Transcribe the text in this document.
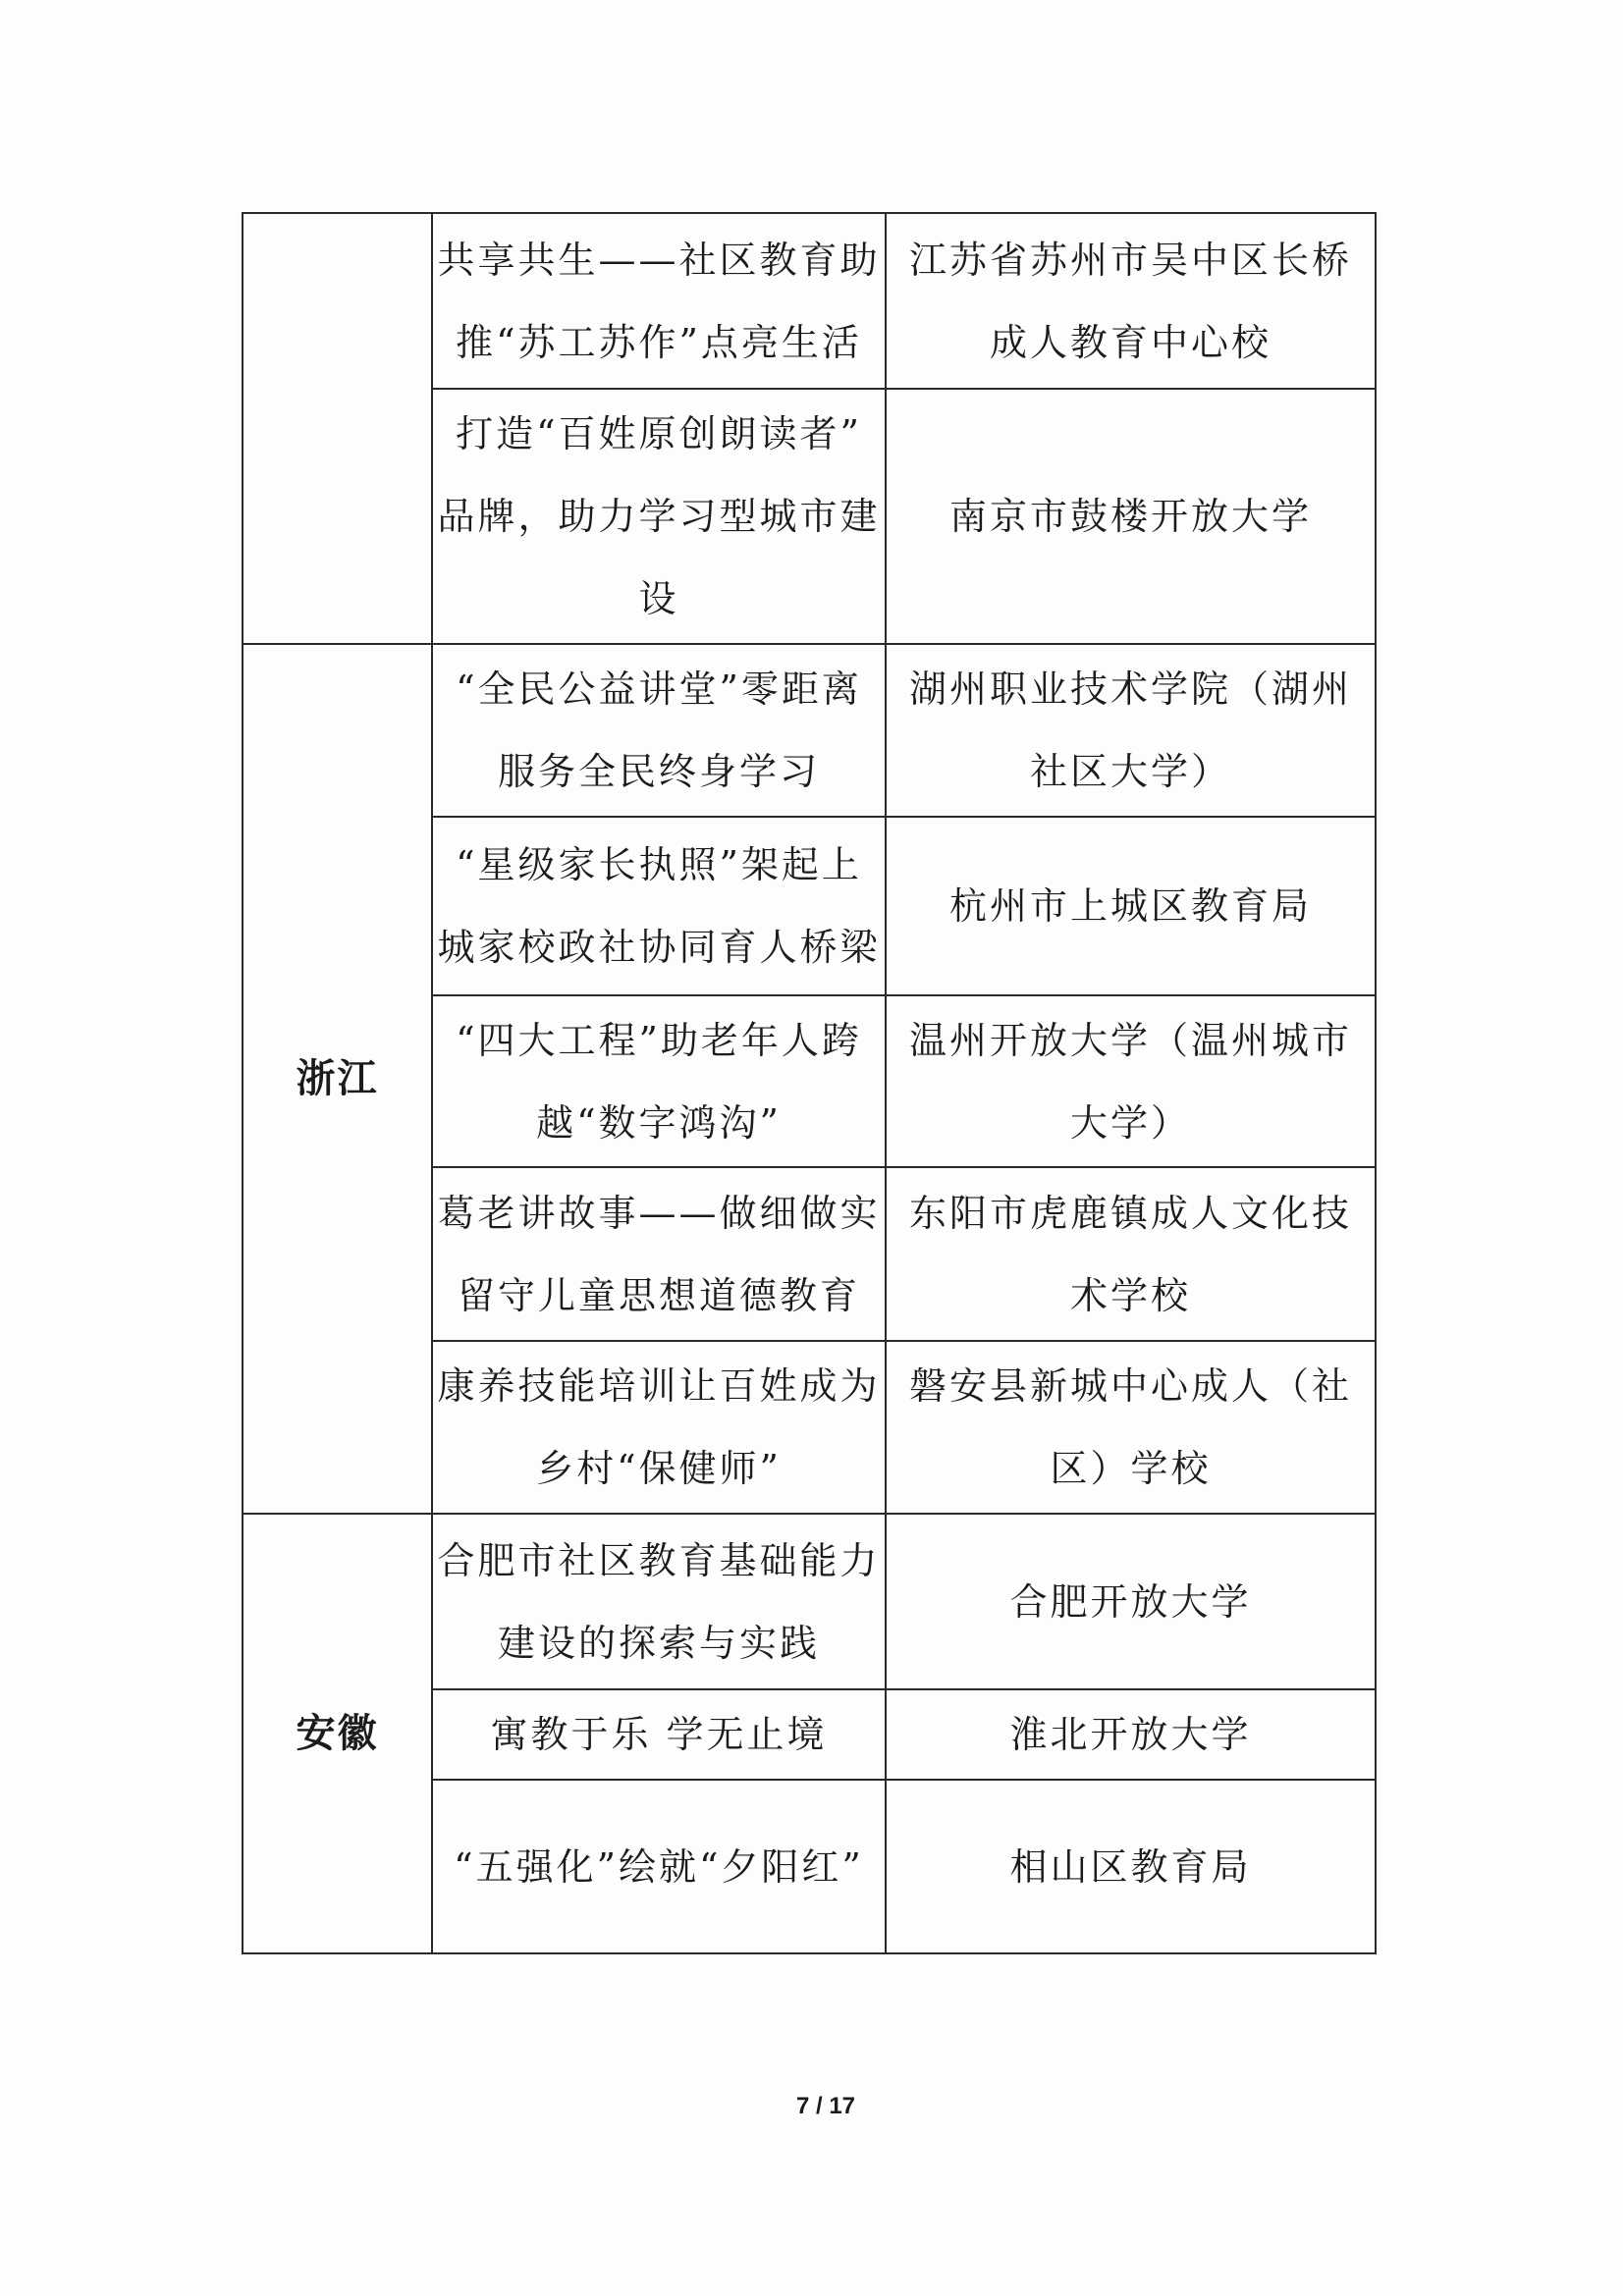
	共享共生——社区教育助推“苏工苏作”点亮生活	江苏省苏州市吴中区长桥成人教育中心校
	打造“百姓原创朗读者”品牌，助力学习型城市建设	南京市鼓楼开放大学
浙江	“全民公益讲堂”零距离服务全民终身学习	湖州职业技术学院（湖州社区大学）
	“星级家长执照”架起上城家校政社协同育人桥梁	杭州市上城区教育局
	“四大工程”助老年人跨越“数字鸿沟”	温州开放大学（温州城市大学）
	葛老讲故事——做细做实留守儿童思想道德教育	东阳市虎鹿镇成人文化技术学校
	康养技能培训让百姓成为乡村“保健师”	磐安县新城中心成人（社区）学校
安徽	合肥市社区教育基础能力建设的探索与实践	合肥开放大学
	寓教于乐 学无止境	淮北开放大学
	“五强化”绘就“夕阳红”	相山区教育局
7 / 17
